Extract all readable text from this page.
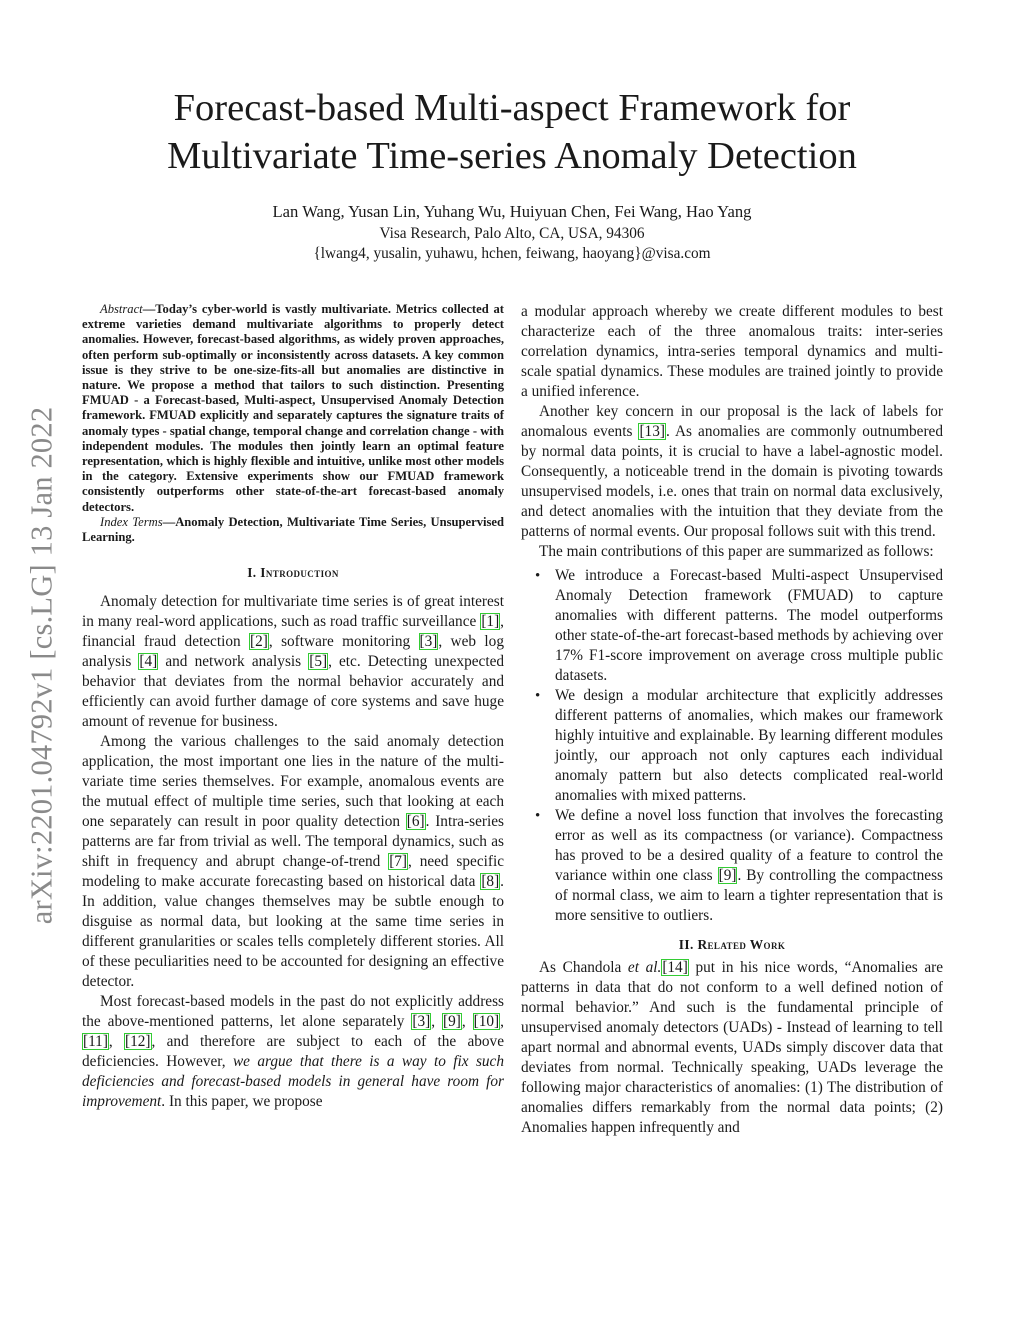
arXiv:2201.04792v1 [cs.LG] 13 Jan 2022
Forecast-based Multi-aspect Framework for
Multivariate Time-series Anomaly Detection

Lan Wang, Yusan Lin, Yuhang Wu, Huiyuan Chen, Fei Wang, Hao Yang

Visa Research, Palo Alto, CA, USA, 94306

{lwang4, yusalin, yuhawu, hchen, feiwang, haoyang}@visa.com

Abstract—Today’s cyber-world is vastly multivariate. Metrics collected at extreme varieties demand multivariate algorithms to properly detect anomalies. However, forecast-based algorithms, as widely proven approaches, often perform sub-optimally or inconsistently across datasets. A key common issue is they strive to be one-size-fits-all but anomalies are distinctive in nature. We propose a method that tailors to such distinction. Presenting FMUAD - a Forecast-based, Multi-aspect, Unsupervised Anomaly Detection framework. FMUAD explicitly and separately captures the signature traits of anomaly types - spatial change, temporal change and correlation change - with independent modules. The modules then jointly learn an optimal feature representation, which is highly flexible and intuitive, unlike most other models in the category. Extensive experiments show our FMUAD framework consistently outperforms other state-of-the-art forecast-based anomaly detectors.

Index Terms—Anomaly Detection, Multivariate Time Series, Unsupervised Learning.

I. Introduction

Anomaly detection for multivariate time series is of great interest in many real-word applications, such as road traffic surveillance [1], financial fraud detection [2], software monitoring [3], web log analysis [4] and network analysis [5], etc. Detecting unexpected behavior that deviates from the normal behavior accurately and efficiently can avoid further damage of core systems and save huge amount of revenue for business.

Among the various challenges to the said anomaly detection application, the most important one lies in the nature of the multi-variate time series themselves. For example, anomalous events are the mutual effect of multiple time series, such that looking at each one separately can result in poor quality detection [6]. Intra-series patterns are far from trivial as well. The temporal dynamics, such as shift in frequency and abrupt change-of-trend [7], need specific modeling to make accurate forecasting based on historical data [8]. In addition, value changes themselves may be subtle enough to disguise as normal data, but looking at the same time series in different granularities or scales tells completely different stories. All of these peculiarities need to be accounted for designing an effective detector.

Most forecast-based models in the past do not explicitly address the above-mentioned patterns, let alone separately [3], [9], [10], [11], [12], and therefore are subject to each of the above deficiencies. However, we argue that there is a way to fix such deficiencies and forecast-based models in general have room for improvement. In this paper, we propose

a modular approach whereby we create different modules to best characterize each of the three anomalous traits: inter-series correlation dynamics, intra-series temporal dynamics and multi-scale spatial dynamics. These modules are trained jointly to provide a unified inference.

Another key concern in our proposal is the lack of labels for anomalous events [13]. As anomalies are commonly outnumbered by normal data points, it is crucial to have a label-agnostic model. Consequently, a noticeable trend in the domain is pivoting towards unsupervised models, i.e. ones that train on normal data exclusively, and detect anomalies with the intuition that they deviate from the patterns of normal events. Our proposal follows suit with this trend.

The main contributions of this paper are summarized as follows:

• We introduce a Forecast-based Multi-aspect Unsupervised Anomaly Detection framework (FMUAD) to capture anomalies with different patterns. The model outperforms other state-of-the-art forecast-based methods by achieving over 17% F1-score improvement on average cross multiple public datasets.
• We design a modular architecture that explicitly addresses different patterns of anomalies, which makes our framework highly intuitive and explainable. By learning different modules jointly, our approach not only captures each individual anomaly pattern but also detects complicated real-world anomalies with mixed patterns.
• We define a novel loss function that involves the forecasting error as well as its compactness (or variance). Compactness has proved to be a desired quality of a feature to control the variance within one class [9]. By controlling the compactness of normal class, we aim to learn a tighter representation that is more sensitive to outliers.
II. Related Work

As Chandola et al.[14] put in his nice words, “Anomalies are patterns in data that do not conform to a well defined notion of normal behavior.” And such is the fundamental principle of unsupervised anomaly detectors (UADs) - Instead of learning to tell apart normal and abnormal events, UADs simply discover data that deviates from normal. Technically speaking, UADs leverage the following major characteristics of anomalies: (1) The distribution of anomalies differs remarkably from the normal data points; (2) Anomalies happen infrequently and
